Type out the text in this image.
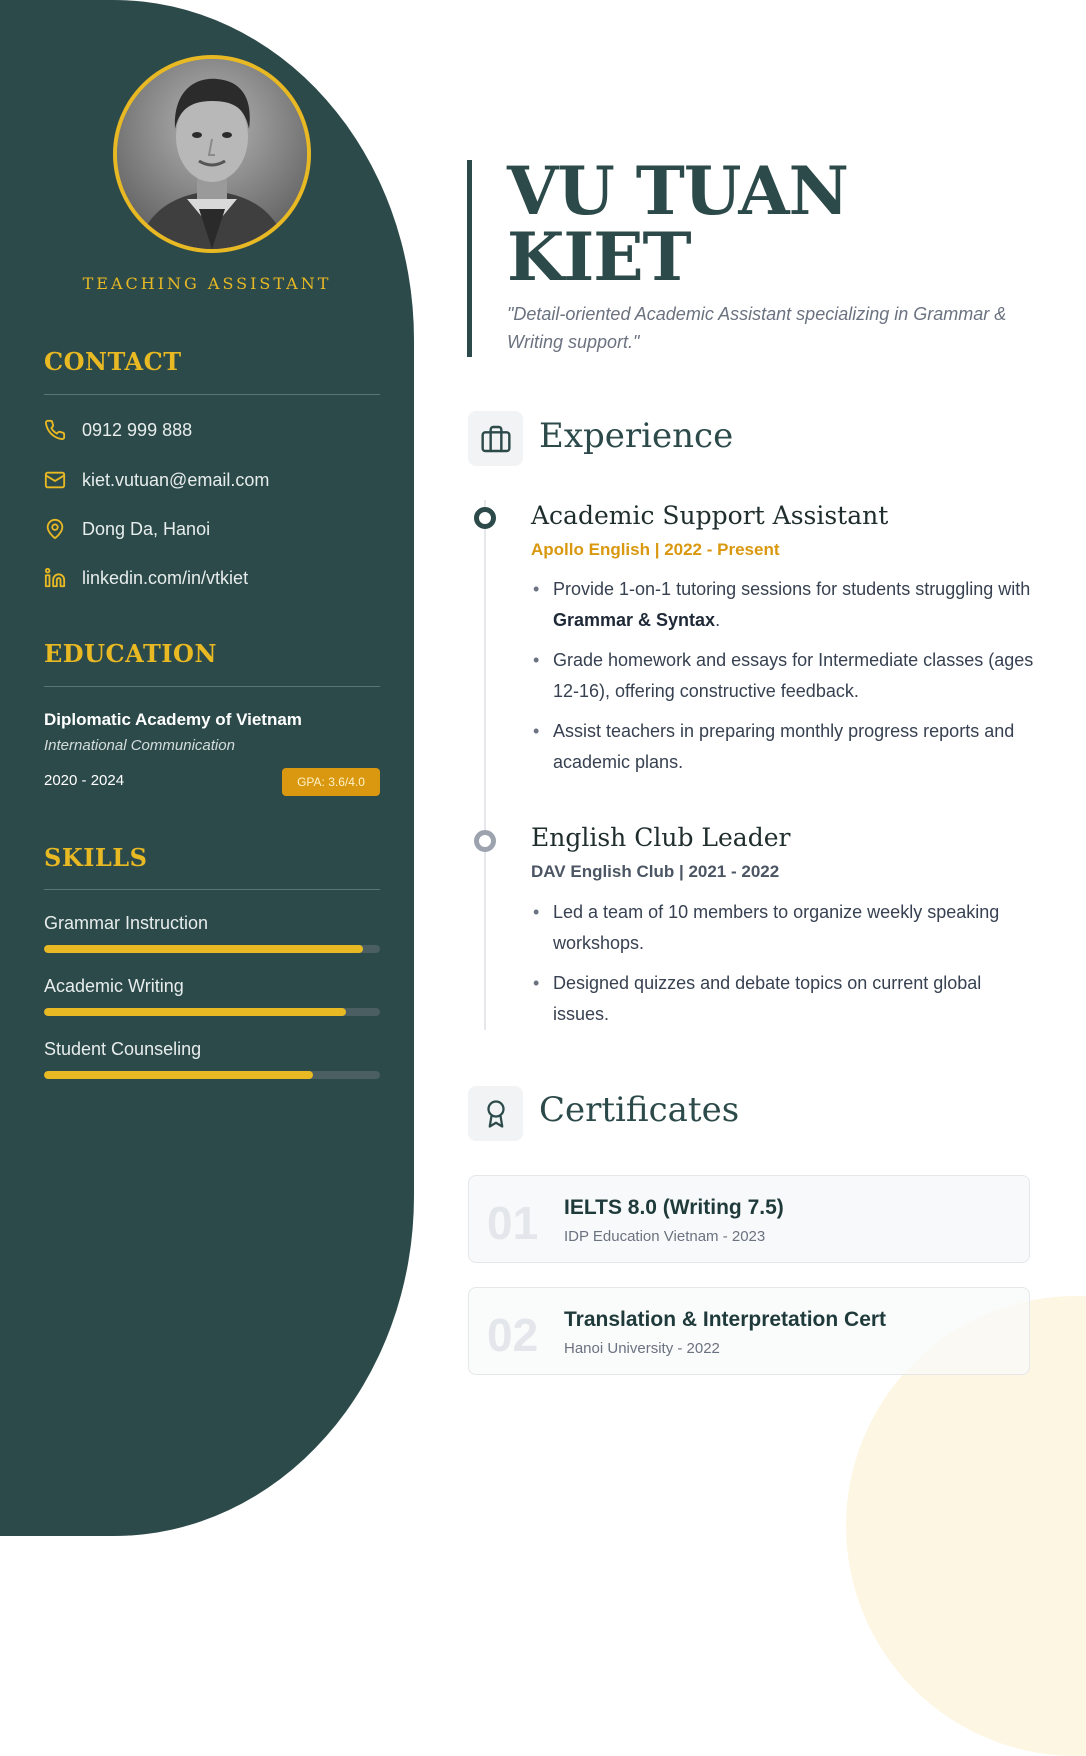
TEACHING ASSISTANT
CONTACT
0912 999 888
kiet.vutuan@email.com
Dong Da, Hanoi
linkedin.com/in/vtkiet
EDUCATION
Diplomatic Academy of Vietnam
International Communication
2020 - 2024	GPA: 3.6/4.0
SKILLS
Grammar Instruction
Academic Writing
Student Counseling
VU TUAN
KIET
"Detail-oriented Academic Assistant specializing in Grammar & Writing support."
Experience
Academic Support Assistant
Apollo English | 2022 - Present
• Provide 1-on-1 tutoring sessions for students struggling with Grammar & Syntax.
• Grade homework and essays for Intermediate classes (ages 12-16), offering constructive feedback.
• Assist teachers in preparing monthly progress reports and academic plans.
English Club Leader
DAV English Club | 2021 - 2022
• Led a team of 10 members to organize weekly speaking workshops.
• Designed quizzes and debate topics on current global issues.
Certificates
01 IELTS 8.0 (Writing 7.5)
IDP Education Vietnam - 2023
02 Translation & Interpretation Cert
Hanoi University - 2022
